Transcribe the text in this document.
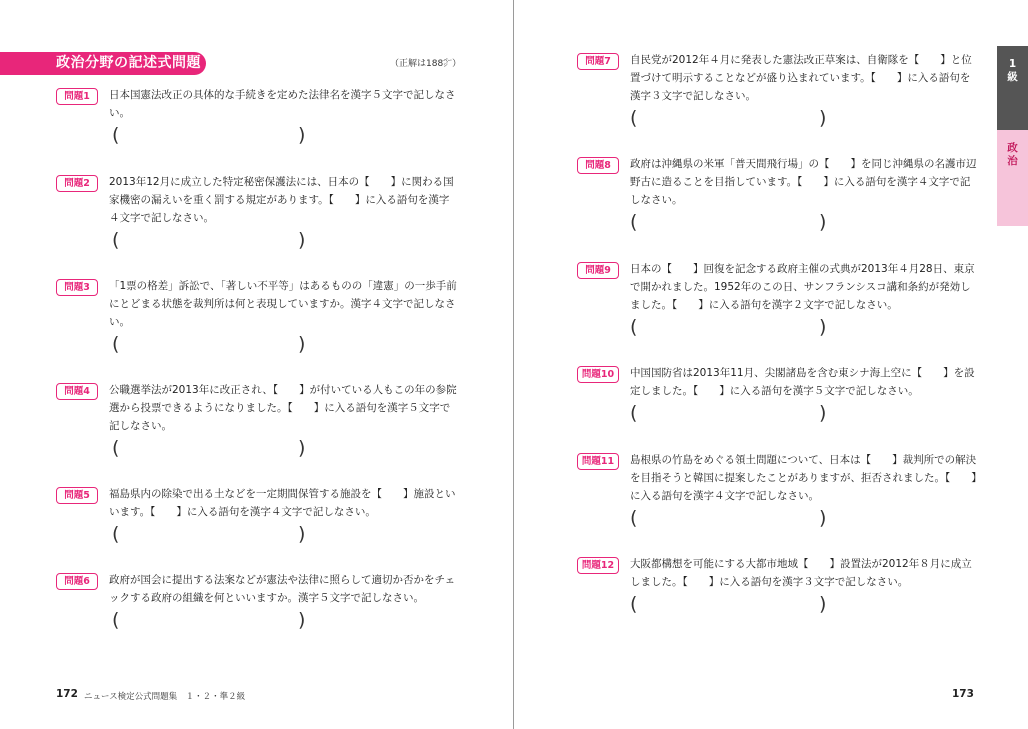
政治分野の記述式問題	（正解は188㌻）
問題1	日本国憲法改正の具体的な手続きを定めた法律名を漢字５文字で記しなさい。
(	)
問題2	2013年12月に成立した特定秘密保護法には、日本の【　　】に関わる国家機密の漏えいを重く罰する規定があります。【　　】に入る語句を漢字４文字で記しなさい。
(	)
問題3	「1票の格差」訴訟で、「著しい不平等」はあるものの「違憲」の一歩手前にとどまる状態を裁判所は何と表現していますか。漢字４文字で記しなさい。
(	)
問題4	公職選挙法が2013年に改正され、【　　】が付いている人もこの年の参院選から投票できるようになりました。【　　】に入る語句を漢字５文字で記しなさい。
(	)
問題5	福島県内の除染で出る土などを一定期間保管する施設を【　　】施設といいます。【　　】に入る語句を漢字４文字で記しなさい。
(	)
問題6	政府が国会に提出する法案などが憲法や法律に照らして適切か否かをチェックする政府の組織を何といいますか。漢字５文字で記しなさい。
(	)
172 ニュース検定公式問題集　１・２・準２級
問題7	自民党が2012年４月に発表した憲法改正草案は、自衛隊を【　　】と位置づけて明示することなどが盛り込まれています。【　　】に入る語句を漢字３文字で記しなさい。
(	)
問題8	政府は沖縄県の米軍「普天間飛行場」の【　　】を同じ沖縄県の名護市辺野古に造ることを目指しています。【　　】に入る語句を漢字４文字で記しなさい。
(	)
問題9	日本の【　　】回復を記念する政府主催の式典が2013年４月28日、東京で開かれました。1952年のこの日、サンフランシスコ講和条約が発効しました。【　　】に入る語句を漢字２文字で記しなさい。
(	)
問題10	中国国防省は2013年11月、尖閣諸島を含む東シナ海上空に【　　】を設定しました。【　　】に入る語句を漢字５文字で記しなさい。
(	)
問題11	島根県の竹島をめぐる領土問題について、日本は【　　】裁判所での解決を目指そうと韓国に提案したことがありますが、拒否されました。【　　】に入る語句を漢字４文字で記しなさい。
(	)
問題12	大阪都構想を可能にする大都市地域【　　】設置法が2012年８月に成立しました。【　　】に入る語句を漢字３文字で記しなさい。
(	)
173
1級
政治
